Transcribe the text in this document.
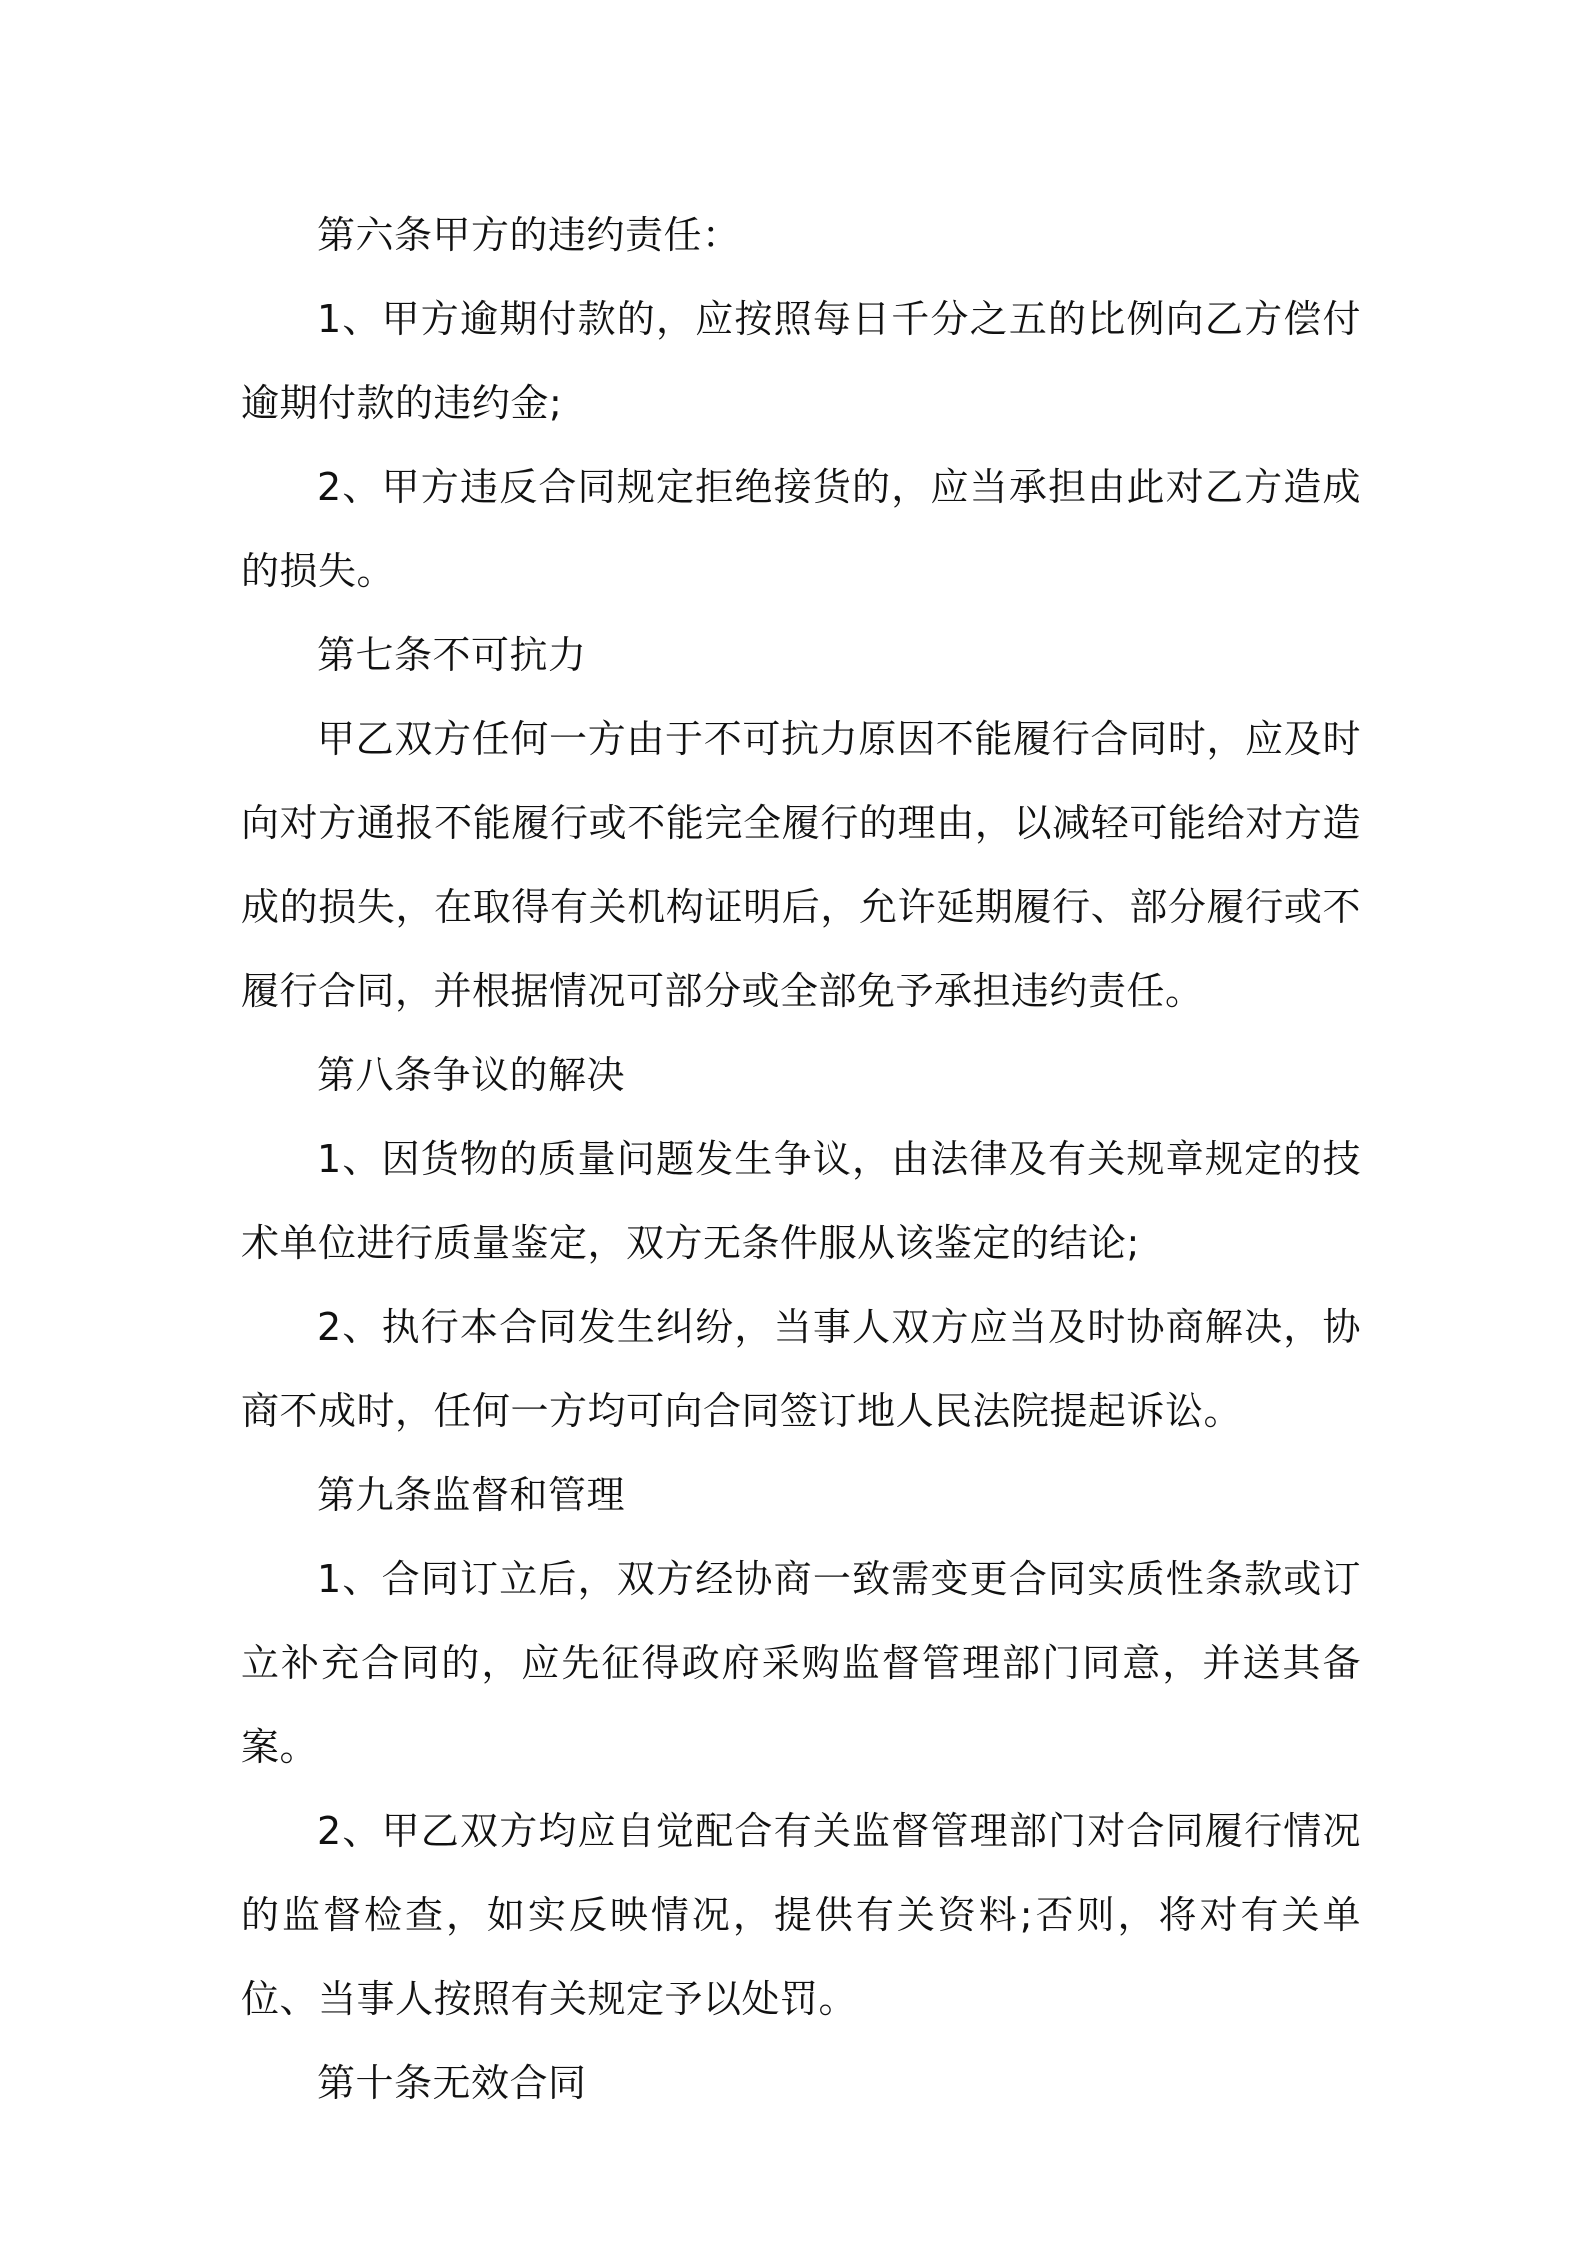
第六条甲方的违约责任：

1、甲方逾期付款的，应按照每日千分之五的比例向乙方偿付逾期付款的违约金;

2、甲方违反合同规定拒绝接货的，应当承担由此对乙方造成的损失。

第七条不可抗力

甲乙双方任何一方由于不可抗力原因不能履行合同时，应及时向对方通报不能履行或不能完全履行的理由，以减轻可能给对方造成的损失，在取得有关机构证明后，允许延期履行、部分履行或不履行合同，并根据情况可部分或全部免予承担违约责任。

第八条争议的解决

1、因货物的质量问题发生争议，由法律及有关规章规定的技术单位进行质量鉴定，双方无条件服从该鉴定的结论;

2、执行本合同发生纠纷，当事人双方应当及时协商解决，协商不成时，任何一方均可向合同签订地人民法院提起诉讼。

第九条监督和管理

1、合同订立后，双方经协商一致需变更合同实质性条款或订立补充合同的，应先征得政府采购监督管理部门同意，并送其备案。

2、甲乙双方均应自觉配合有关监督管理部门对合同履行情况的监督检查，如实反映情况，提供有关资料;否则，将对有关单位、当事人按照有关规定予以处罚。

第十条无效合同
